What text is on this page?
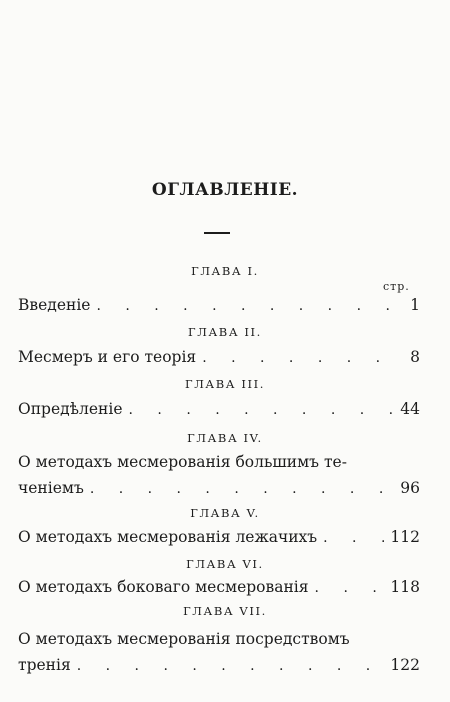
ОГЛАВЛЕНІЕ.
ГЛАВА I.
стр.
Введеніе . . .	1
ГЛАВА II.
Месмеръ и его теорія . . .	8
ГЛАВА III.
Опредѣленіе . . .	44
ГЛАВА IV.
О методахъ месмерованія большимъ те-
ченіемъ . . .	96
ГЛАВА V.
О методахъ месмерованія лежачихъ . . .	112
ГЛАВА VI.
О методахъ боковаго месмерованія . . .	118
ГЛАВА VII.
О методахъ месмерованія посредствомъ
тренія . . .	122
